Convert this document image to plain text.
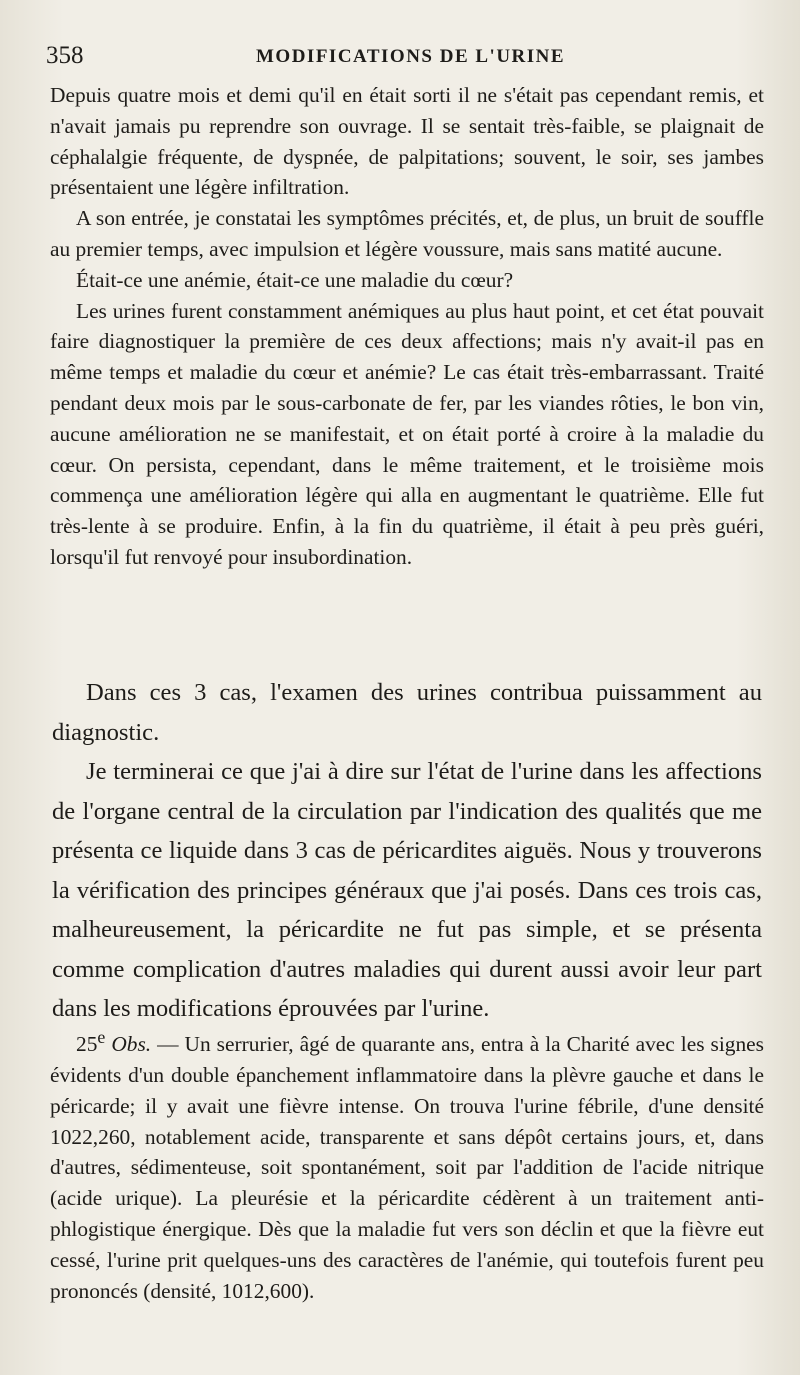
358	MODIFICATIONS DE L'URINE

Depuis quatre mois et demi qu'il en était sorti il ne s'était pas cependant remis, et n'avait jamais pu reprendre son ouvrage. Il se sentait très-faible, se plaignait de céphalalgie fréquente, de dyspnée, de palpitations; souvent, le soir, ses jambes présentaient une légère infiltration.

A son entrée, je constatai les symptômes précités, et, de plus, un bruit de souffle au premier temps, avec impulsion et légère voussure, mais sans matité aucune.

Était-ce une anémie, était-ce une maladie du cœur?

Les urines furent constamment anémiques au plus haut point, et cet état pouvait faire diagnostiquer la première de ces deux affections; mais n'y avait-il pas en même temps et maladie du cœur et anémie? Le cas était très-embarrassant. Traité pendant deux mois par le sous-carbonate de fer, par les viandes rôties, le bon vin, aucune amélioration ne se manifestait, et on était porté à croire à la maladie du cœur. On persista, cependant, dans le même traitement, et le troisième mois commença une amélioration légère qui alla en augmentant le quatrième. Elle fut très-lente à se produire. Enfin, à la fin du quatrième, il était à peu près guéri, lorsqu'il fut renvoyé pour insubordination.

Dans ces 3 cas, l'examen des urines contribua puissamment au diagnostic.

Je terminerai ce que j'ai à dire sur l'état de l'urine dans les affections de l'organe central de la circulation par l'indication des qualités que me présenta ce liquide dans 3 cas de péricardites aiguës. Nous y trouverons la vérification des principes généraux que j'ai posés. Dans ces trois cas, malheureusement, la péricardite ne fut pas simple, et se présenta comme complication d'autres maladies qui durent aussi avoir leur part dans les modifications éprouvées par l'urine.

25e Obs. — Un serrurier, âgé de quarante ans, entra à la Charité avec les signes évidents d'un double épanchement inflammatoire dans la plèvre gauche et dans le péricarde; il y avait une fièvre intense. On trouva l'urine fébrile, d'une densité 1022,260, notablement acide, transparente et sans dépôt certains jours, et, dans d'autres, sédimenteuse, soit spontanément, soit par l'addition de l'acide nitrique (acide urique). La pleurésie et la péricardite cédèrent à un traitement anti-phlogistique énergique. Dès que la maladie fut vers son déclin et que la fièvre eut cessé, l'urine prit quelques-uns des caractères de l'anémie, qui toutefois furent peu prononcés (densité, 1012,600).
